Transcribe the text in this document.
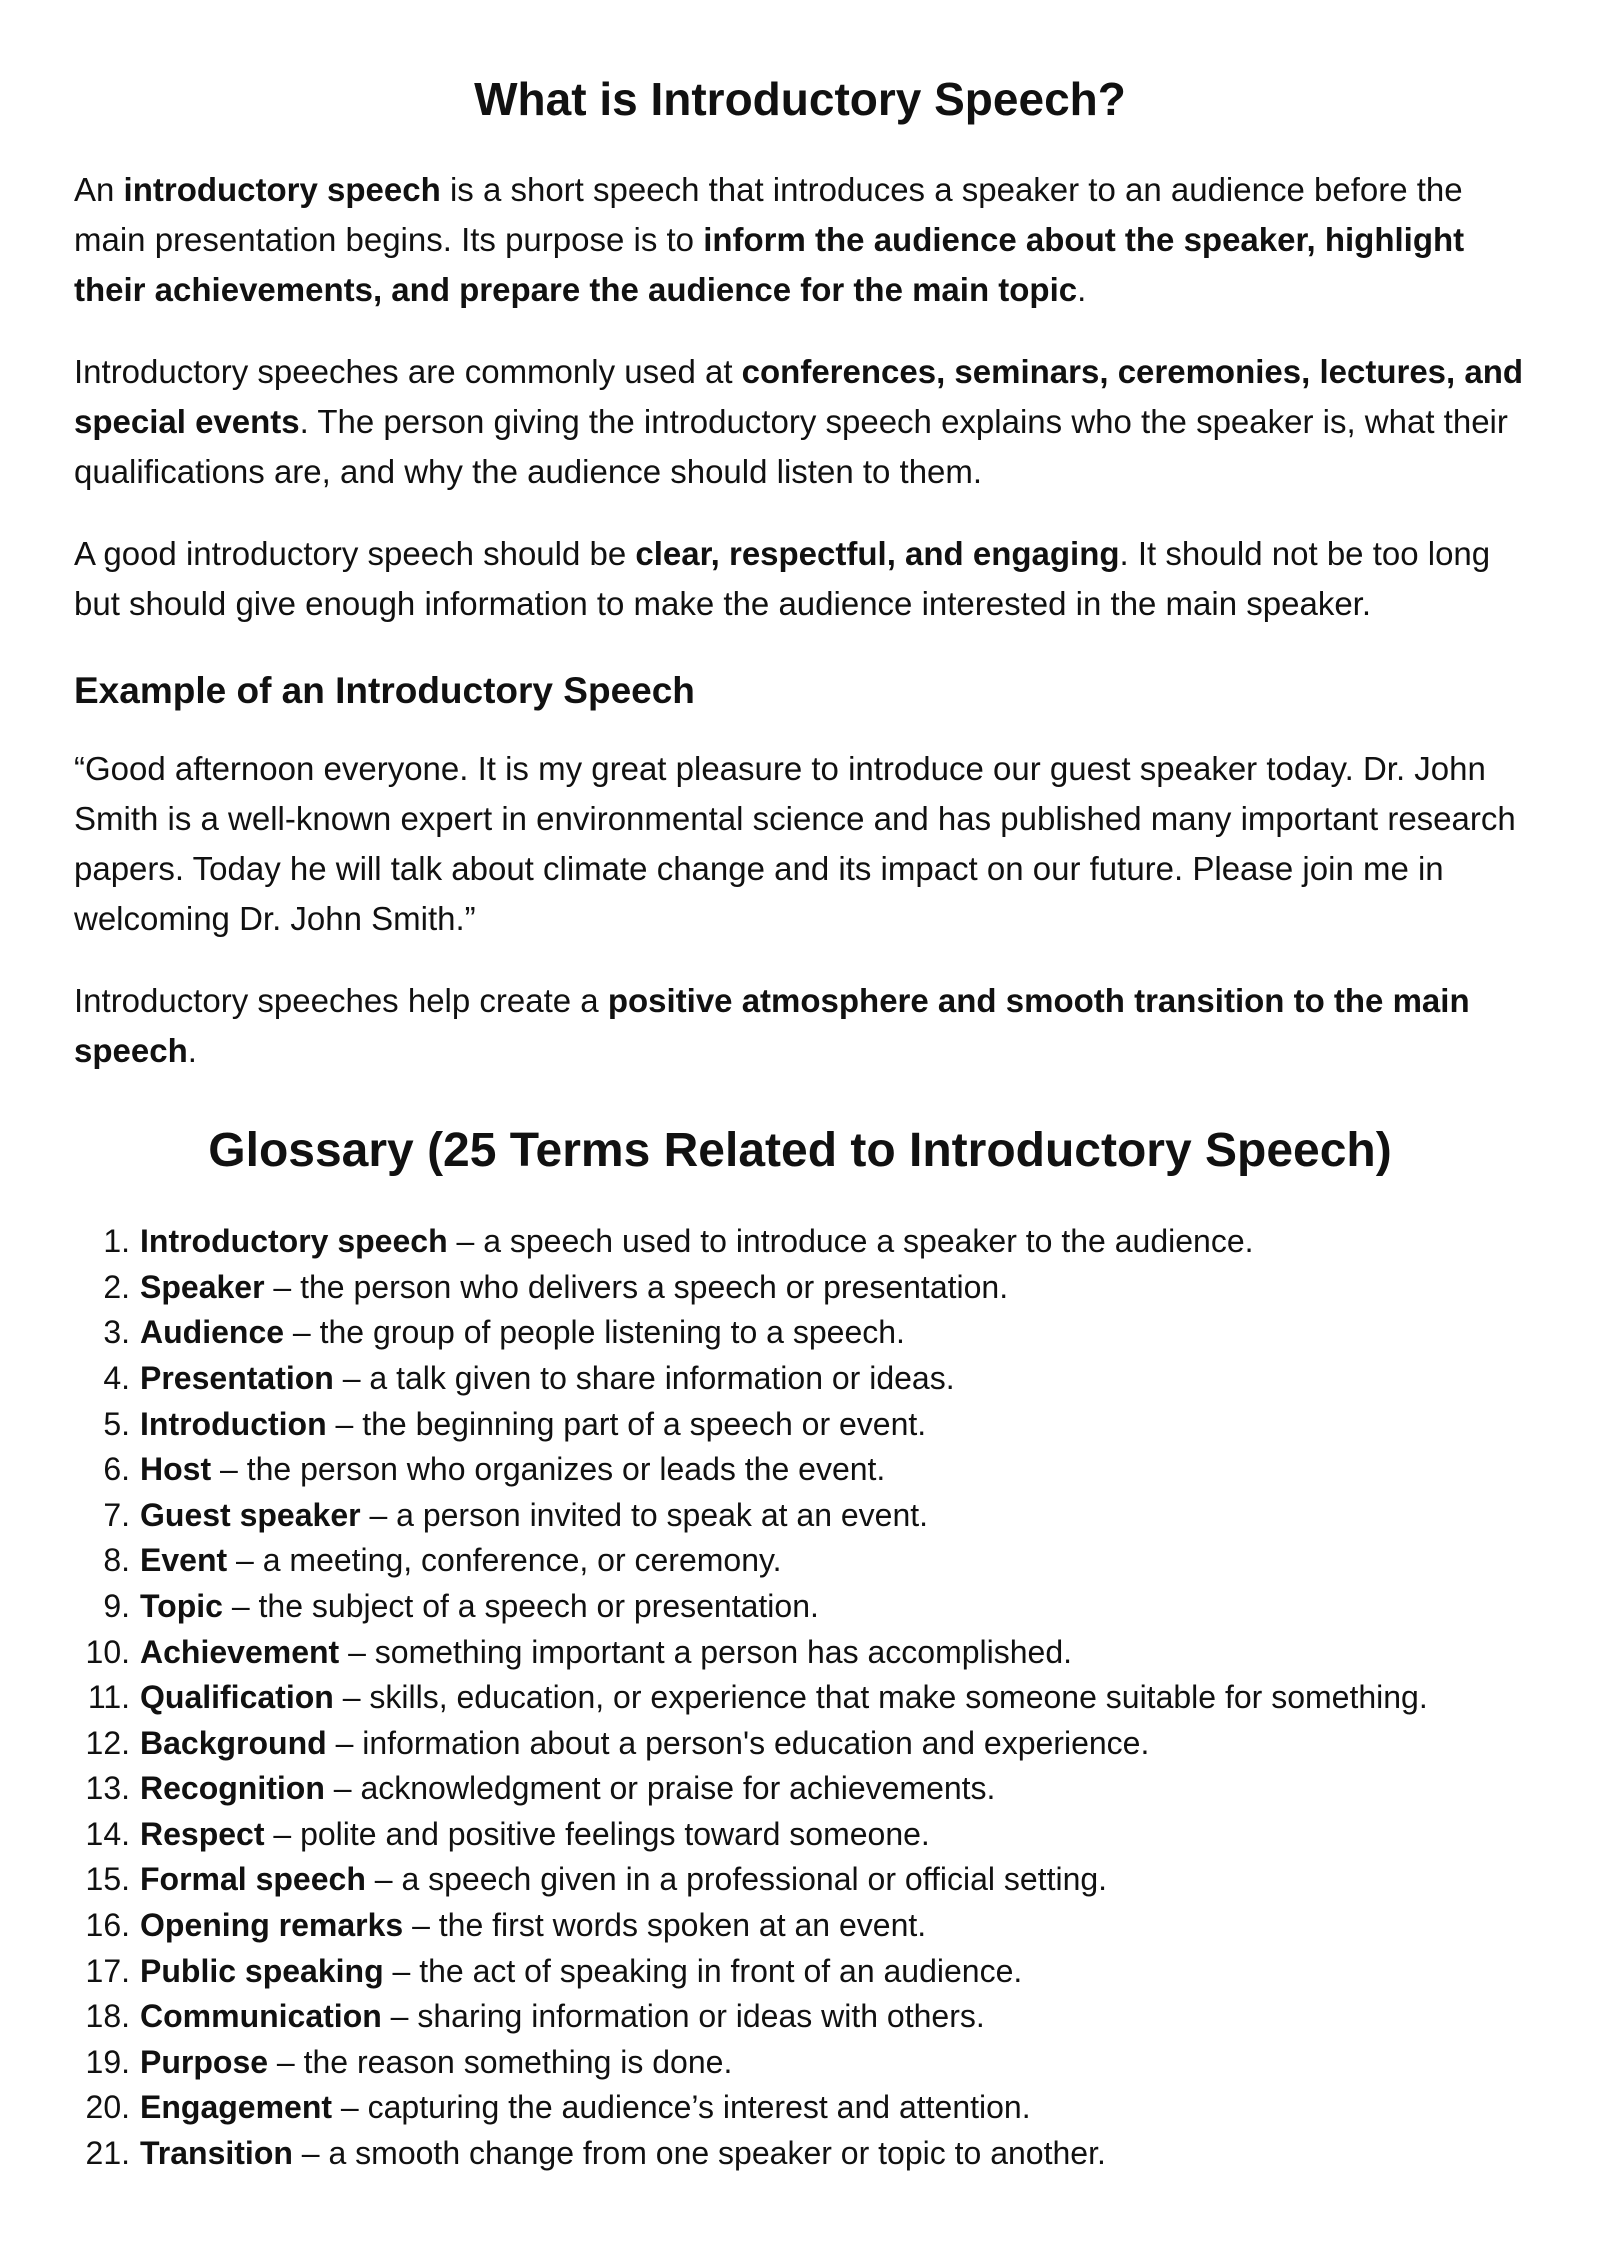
What is Introductory Speech?

An introductory speech is a short speech that introduces a speaker to an audience before the main presentation begins. Its purpose is to inform the audience about the speaker, highlight their achievements, and prepare the audience for the main topic.

Introductory speeches are commonly used at conferences, seminars, ceremonies, lectures, and special events. The person giving the introductory speech explains who the speaker is, what their qualifications are, and why the audience should listen to them.

A good introductory speech should be clear, respectful, and engaging. It should not be too long but should give enough information to make the audience interested in the main speaker.

Example of an Introductory Speech

“Good afternoon everyone. It is my great pleasure to introduce our guest speaker today. Dr. John Smith is a well-known expert in environmental science and has published many important research papers. Today he will talk about climate change and its impact on our future. Please join me in welcoming Dr. John Smith.”

Introductory speeches help create a positive atmosphere and smooth transition to the main speech.

Glossary (25 Terms Related to Introductory Speech)
1. Introductory speech – a speech used to introduce a speaker to the audience.
2. Speaker – the person who delivers a speech or presentation.
3. Audience – the group of people listening to a speech.
4. Presentation – a talk given to share information or ideas.
5. Introduction – the beginning part of a speech or event.
6. Host – the person who organizes or leads the event.
7. Guest speaker – a person invited to speak at an event.
8. Event – a meeting, conference, or ceremony.
9. Topic – the subject of a speech or presentation.
10. Achievement – something important a person has accomplished.
11. Qualification – skills, education, or experience that make someone suitable for something.
12. Background – information about a person's education and experience.
13. Recognition – acknowledgment or praise for achievements.
14. Respect – polite and positive feelings toward someone.
15. Formal speech – a speech given in a professional or official setting.
16. Opening remarks – the first words spoken at an event.
17. Public speaking – the act of speaking in front of an audience.
18. Communication – sharing information or ideas with others.
19. Purpose – the reason something is done.
20. Engagement – capturing the audience’s interest and attention.
21. Transition – a smooth change from one speaker or topic to another.
